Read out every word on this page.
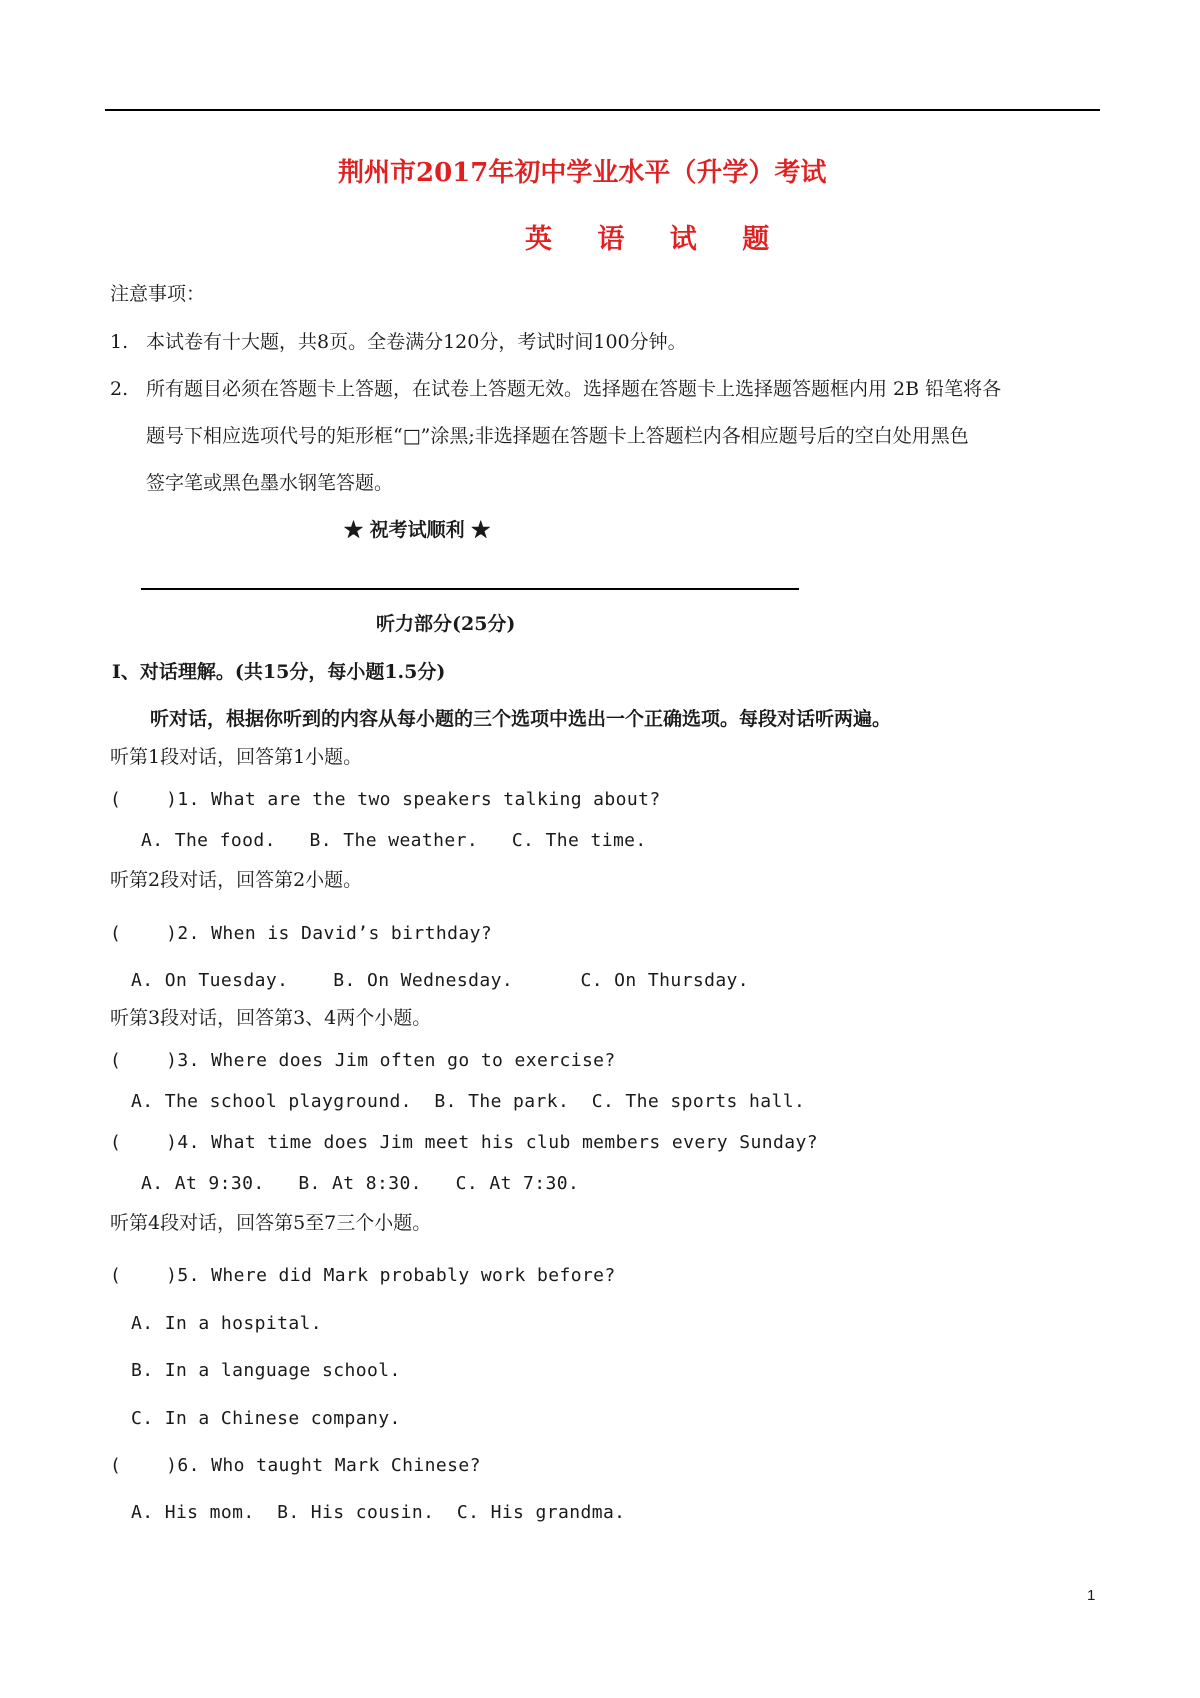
荆州市2017年初中学业水平（升学）考试
英 语 试 题
注意事项：
1. 本试卷有十大题，共8页。全卷满分120分，考试时间100分钟。
2. 所有题目必须在答题卡上答题，在试卷上答题无效。选择题在答题卡上选择题答题框内用 2B 铅笔将各
题号下相应选项代号的矩形框“□”涂黑;非选择题在答题卡上答题栏内各相应题号后的空白处用黑色
签字笔或黑色墨水钢笔答题。
★ 祝考试顺利 ★
听力部分(25分)
Ⅰ、对话理解。(共15分，每小题1.5分)
听对话，根据你听到的内容从每小题的三个选项中选出一个正确选项。每段对话听两遍。
听第1段对话，回答第1小题。
(    )1. What are the two speakers talking about?
A. The food.   B. The weather.   C. The time.
听第2段对话，回答第2小题。
(    )2. When is David’s birthday?
A. On Tuesday.    B. On Wednesday.      C. On Thursday.
听第3段对话，回答第3、4两个小题。
(    )3. Where does Jim often go to exercise?
A. The school playground.  B. The park.  C. The sports hall.
(    )4. What time does Jim meet his club members every Sunday?
A. At 9:30.   B. At 8:30.   C. At 7:30.
听第4段对话，回答第5至7三个小题。
(    )5. Where did Mark probably work before?
A. In a hospital.
B. In a language school.
C. In a Chinese company.
(    )6. Who taught Mark Chinese?
A. His mom.  B. His cousin.  C. His grandma.
1
